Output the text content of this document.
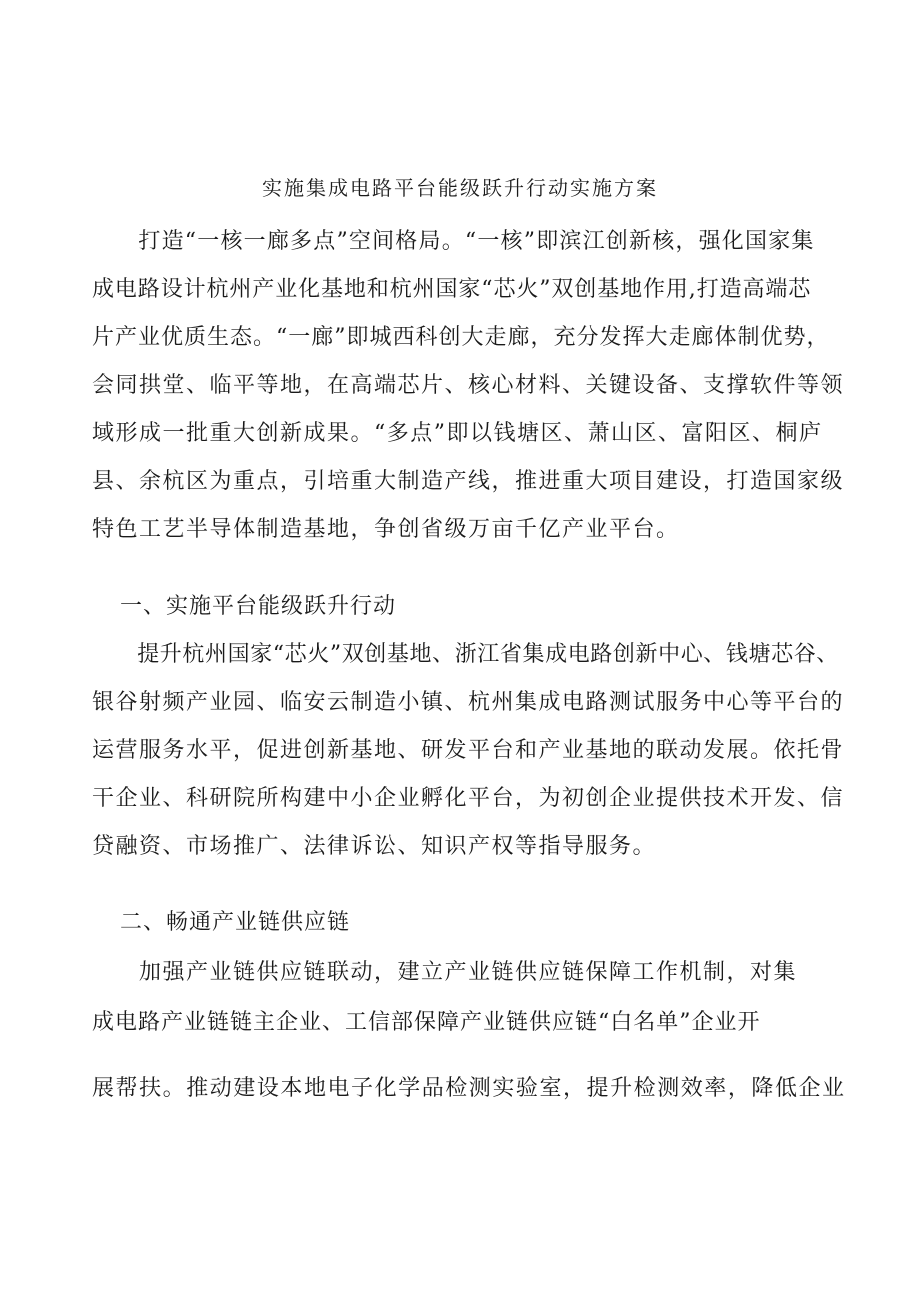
实施集成电路平台能级跃升行动实施方案

　　打造“一核一廊多点”空间格局。“一核”即滨江创新核，强化国家集

成电路设计杭州产业化基地和杭州国家“芯火”双创基地作用,打造高端芯

片产业优质生态。“一廊”即城西科创大走廊，充分发挥大走廊体制优势，

会同拱堂、临平等地，在高端芯片、核心材料、关键设备、支撑软件等领

域形成一批重大创新成果。“多点”即以钱塘区、萧山区、富阳区、桐庐

县、余杭区为重点，引培重大制造产线，推进重大项目建设，打造国家级

特色工艺半导体制造基地，争创省级万亩千亿产业平台。

一、实施平台能级跃升行动

　　提升杭州国家“芯火”双创基地、浙江省集成电路创新中心、钱塘芯谷、

银谷射频产业园、临安云制造小镇、杭州集成电路测试服务中心等平台的

运营服务水平，促进创新基地、研发平台和产业基地的联动发展。依托骨

干企业、科研院所构建中小企业孵化平台，为初创企业提供技术开发、信

贷融资、市场推广、法律诉讼、知识产权等指导服务。

二、畅通产业链供应链

　　加强产业链供应链联动，建立产业链供应链保障工作机制，对集

成电路产业链链主企业、工信部保障产业链供应链“白名单”企业开

展帮扶。推动建设本地电子化学品检测实验室，提升检测效率，降低企业
